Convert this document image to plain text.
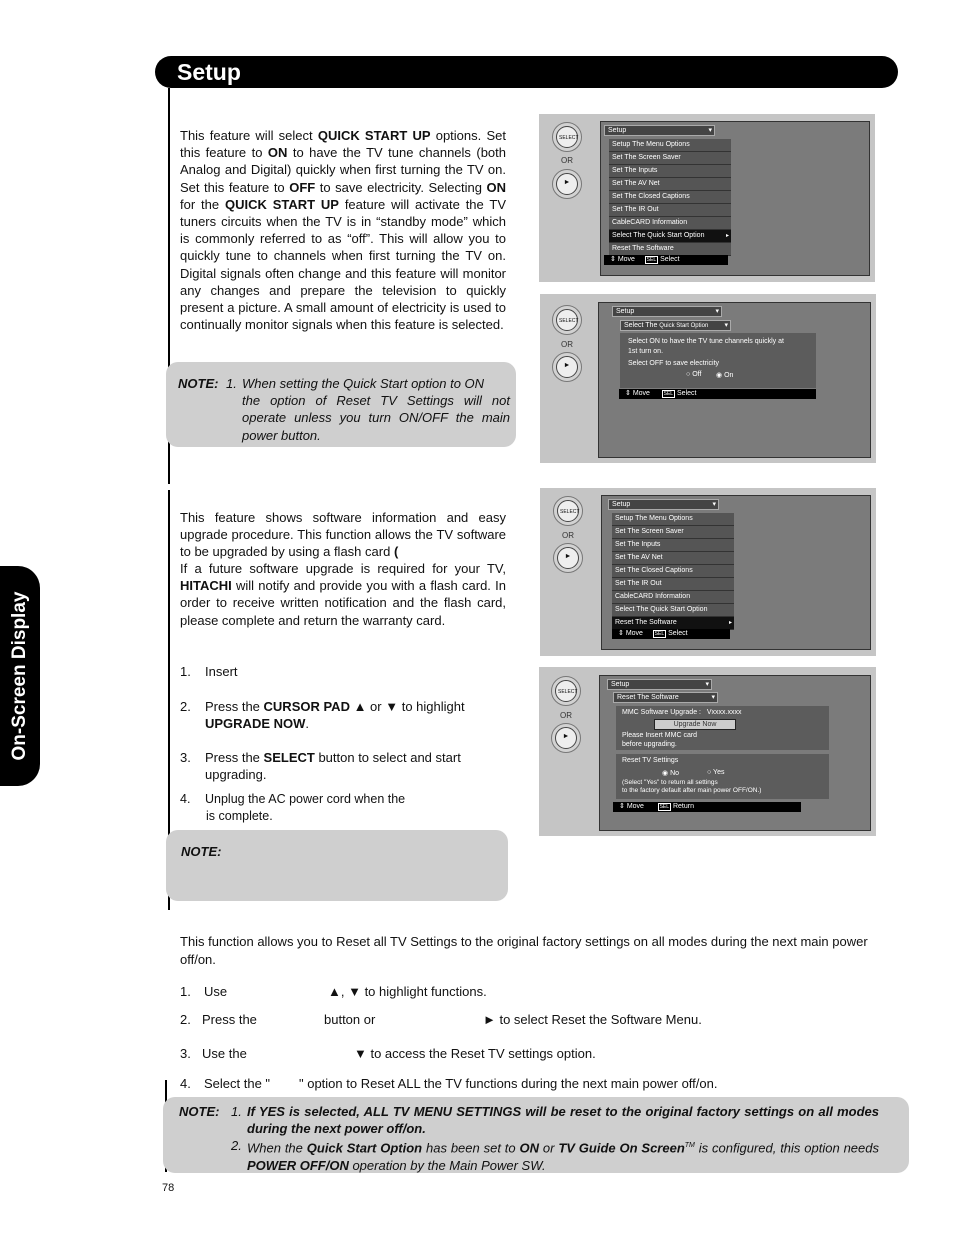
Setup
On-Screen Display

This feature will select QUICK START UP options. Set this feature to ON to have the TV tune channels (both Analog and Digital) quickly when first turning the TV on. Set this feature to OFF to save electricity. Selecting ON for the QUICK START UP feature will activate the TV tuners circuits when the TV is in “standby mode” which is commonly referred to as “off”. This will allow you to quickly tune to channels when first turning the TV on. Digital signals often change and this feature will monitor any changes and prepare the television to quickly present a picture. A small amount of electricity is used to continually monitor signals when this feature is selected.

NOTE: 1. When setting the Quick Start option to ON
the option of Reset TV Settings will not operate unless you turn ON/OFF the main power button.

This feature shows software information and easy upgrade procedure. This function allows the TV software to be upgraded by using a flash card (

If a future software upgrade is required for your TV, HITACHI will notify and provide you with a flash card. In order to receive written notification and the flash card, please complete and return the warranty card.

1. Insert
2.	Press the CURSOR PAD ▲ or ▼ to highlight UPGRADE NOW.
3.	Press the SELECT button to select and start upgrading.
4. Unplug the AC power cord when the
is complete.
NOTE:

This function allows you to Reset all TV Settings to the original factory settings on all modes during the next main power off/on.

1. Use	▲, ▼ to highlight functions.
2. Press the	button or	► to select Reset the Software Menu.
3. Use the	▼ to access the Reset TV settings option.
4. Select the " " option to Reset ALL the TV functions during the next main power off/on.
NOTE: 1. If YES is selected, ALL TV MENU SETTINGS will be reset to the original factory settings on all modes during the next power off/on.
2. When the Quick Start Option has been set to ON or TV Guide On Screen™ is configured, this option needs POWER OFF/ON operation by the Main Power SW.
78
SELECT
OR
►
Setup	▾
Setup The Menu Options
Set The Screen Saver
Set The Inputs
Set The AV Net
Set The Closed Captions
Set The IR Out
CableCARD Information
Select The Quick Start Option	▸
Reset The Software
⇕ Move SEL Select
SELECT
OR
►
Setup	▾
Select The Quick Start Option ▾
Select ON to have the TV tune channels quickly at
1st turn on.
Select OFF to save electricity
○ Off ◉ On
⇕ Move	SEL Select
SELECT
OR
►
Setup	▾
Setup The Menu Options
Set The Screen Saver
Set The Inputs
Set The AV Net
Set The Closed Captions
Set The IR Out
CableCARD Information
Select The Quick Start Option
Reset The Software	▸
⇕ Move SEL Select
SELECT
OR
►
Setup	▾
Reset The Software	▾
MMC Software Upgrade : Vxxxx.xxxx
Upgrade Now
Please Insert MMC card
before upgrading.
Reset TV Settings
◉ No	○ Yes
(Select "Yes" to return all settings
to the factory default after main power OFF/ON.)
⇕ Move	SEL Return
